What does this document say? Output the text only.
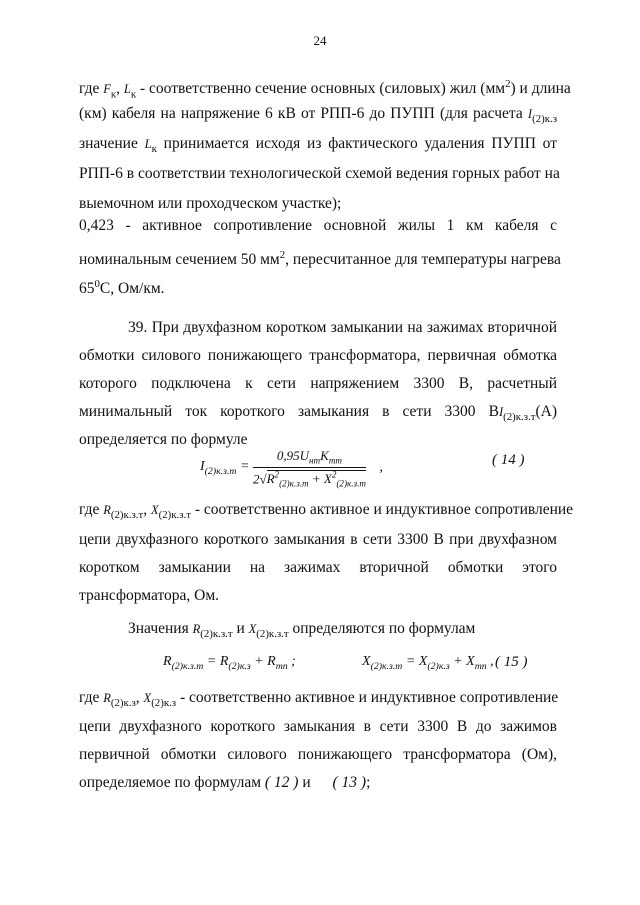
24
где $F_к$, $L_к$ - соответственно сечение основных (силовых) жил $(мм^2)$ и длина
(км) кабеля на напряжение 6 кВ от РПП-6 до ПУПП (для расчета $I_{(2)к.з}$
значение $L_к$ принимается исходя из фактического удаления ПУПП от
РПП-6 в соответствии технологической схемой ведения горных работ на
выемочном или проходческом участке);
0,423 - активное сопротивление основной жилы 1 км кабеля с
номинальным сечением 50 $мм^2$, пересчитанное для температуры нагрева
$65^0С$, Ом/км.
39. При двухфазном коротком замыкании на зажимах вторичной
обмотки силового понижающего трансформатора, первичная обмотка
которого подключена к сети напряжением 3300 В, расчетный
минимальный ток короткого замыкания в сети 3300 $ВI_{(2)к.з.т}(А)$
определяется по формуле
$I_{(2)к.з.т} = \frac{0,95U_{нт}K_{тт}}{2√R^2_{(2)к.з.т} + X^2_{(2)к.з.т}}$ ,	( 14 )
где $R_{(2)к.з.т}$, $X_{(2)к.з.т}$ - соответственно активное и индуктивное сопротивление
цепи двухфазного короткого замыкания в сети 3300 В при двухфазном
коротком замыкании на зажимах вторичной обмотки этого
трансформатора, Ом.
Значения $R_{(2)к.з.т}$ и $X_{(2)к.з.т}$ определяются по формулам
$R_{(2)к.з.т} = R_{(2)к.з} + R_{тп}$ ;	$X_{(2)к.з.т} = X_{(2)к.з} + X_{тп}$ , ( 15 )
где $R_{(2)к.з}$, $X_{(2)к.з}$ - соответственно активное и индуктивное сопротивление
цепи двухфазного короткого замыкания в сети 3300 В до зажимов
первичной обмотки силового понижающего трансформатора (Ом),
определяемое по формулам ( 12 ) и ( 13 );
